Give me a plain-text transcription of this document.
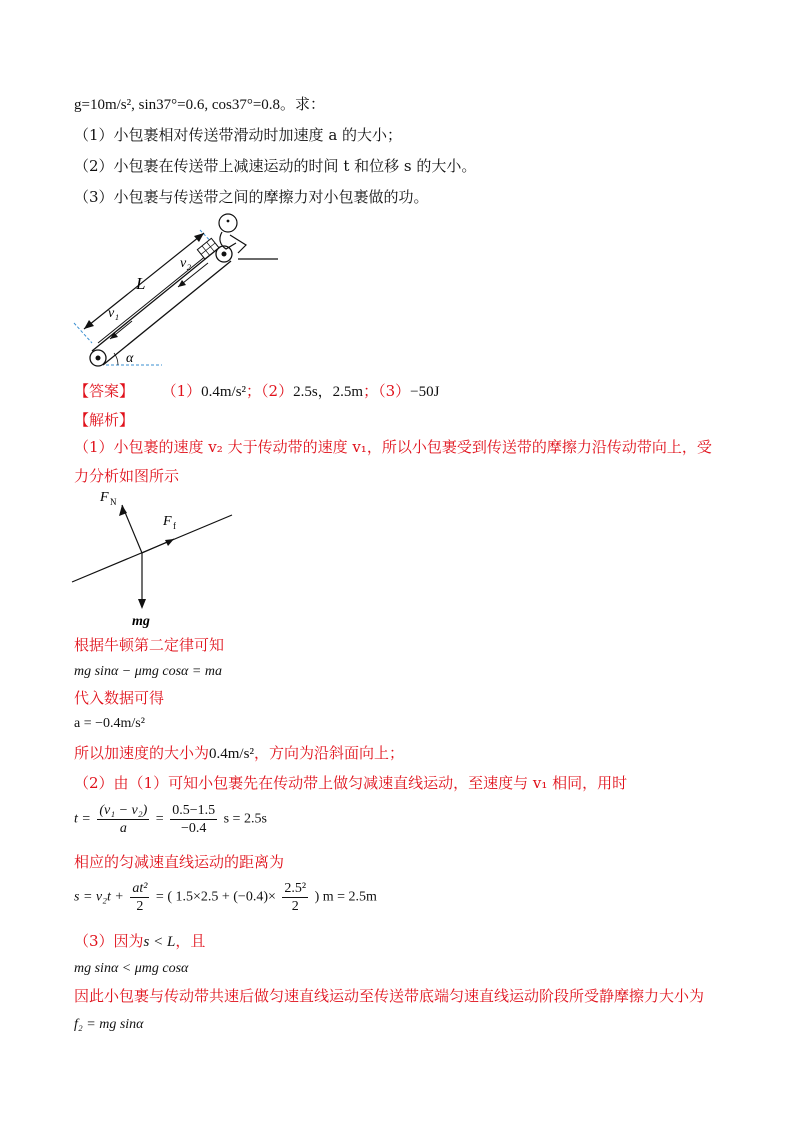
g=10m/s², sin37°=0.6, cos37°=0.8。求：
（1）小包裹相对传送带滑动时加速度 a 的大小；
（2）小包裹在传送带上减速运动的时间 t 和位移 s 的大小。
（3）小包裹与传送带之间的摩擦力对小包裹做的功。
L
v₂
v₁
α
【答案】 （1）0.4m/s²；（2）2.5s，2.5m；（3）−50J
【解析】
（1）小包裹的速度 v₂ 大于传动带的速度 v₁，所以小包裹受到传送带的摩擦力沿传动带向上，受
力分析如图所示
F N
F f
mg
根据牛顿第二定律可知
mg sinα − μmg cosα = ma
代入数据可得
a = −0.4m/s²
所以加速度的大小为0.4m/s²，方向为沿斜面向上；
（2）由（1）可知小包裹先在传动带上做匀减速直线运动，至速度与 v₁ 相同，用时
$t = \frac{\text{(v₁ − v₂)}}{a} = \frac{0.5-1.5}{-0.4}$ s = 2.5s
相应的匀减速直线运动的距离为
$s = v_2t + \frac{\text{at²}}{2}$ = ( $1.5\times 2.5 + (-0.4)\times \frac{\text{2.5²}}{2}$ ) m = 2.5m
（3）因为s < L，且
mg sinα < μmg cosα
因此小包裹与传动带共速后做匀速直线运动至传送带底端匀速直线运动阶段所受静摩擦力大小为
f₂ = mg sinα
